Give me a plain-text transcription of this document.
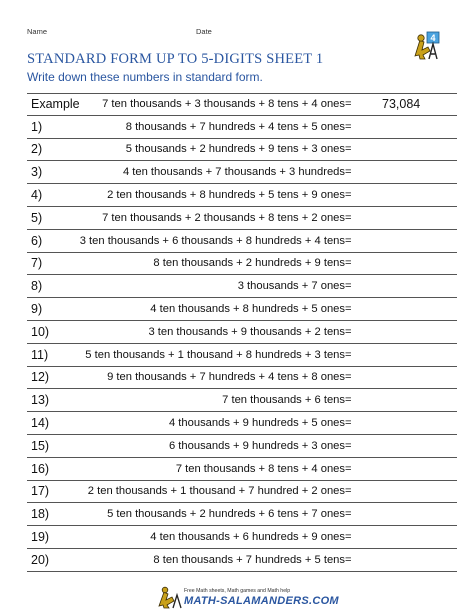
Name	Date
4
STANDARD FORM UP TO 5-DIGITS SHEET 1
Write down these numbers in standard form.
Example 7 ten thousands + 3 thousands + 8 tens + 4 ones = 73,084
1)	8 thousands + 7 hundreds + 4 tens + 5 ones =
2)	5 thousands + 2 hundreds + 9 tens + 3 ones =
3)	4 ten thousands + 7 thousands + 3 hundreds =
4)	2 ten thousands + 8 hundreds + 5 tens + 9 ones =
5)	7 ten thousands + 2 thousands + 8 tens + 2 ones =
6)	3 ten thousands + 6 thousands + 8 hundreds + 4 tens =
7)	8 ten thousands + 2 hundreds + 9 tens =
8)	3 thousands + 7 ones =
9)	4 ten thousands + 8 hundreds + 5 ones =
10)	3 ten thousands + 9 thousands + 2 tens =
11)	5 ten thousands + 1 thousand + 8 hundreds + 3 tens =
12)	9 ten thousands + 7 hundreds + 4 tens + 8 ones =
13)	7 ten thousands + 6 tens =
14)	4 thousands + 9 hundreds + 5 ones =
15)	6 thousands + 9 hundreds + 3 ones =
16)	7 ten thousands + 8 tens + 4 ones =
17)	2 ten thousands + 1 thousand + 7 hundred + 2 ones =
18)	5 ten thousands + 2 hundreds + 6 tens + 7 ones =
19)	4 ten thousands + 6 hundreds + 9 ones =
20)	8 ten thousands + 7 hundreds + 5 tens =
Free Math sheets, Math games and Math help
MATH-SALAMANDERS.COM
